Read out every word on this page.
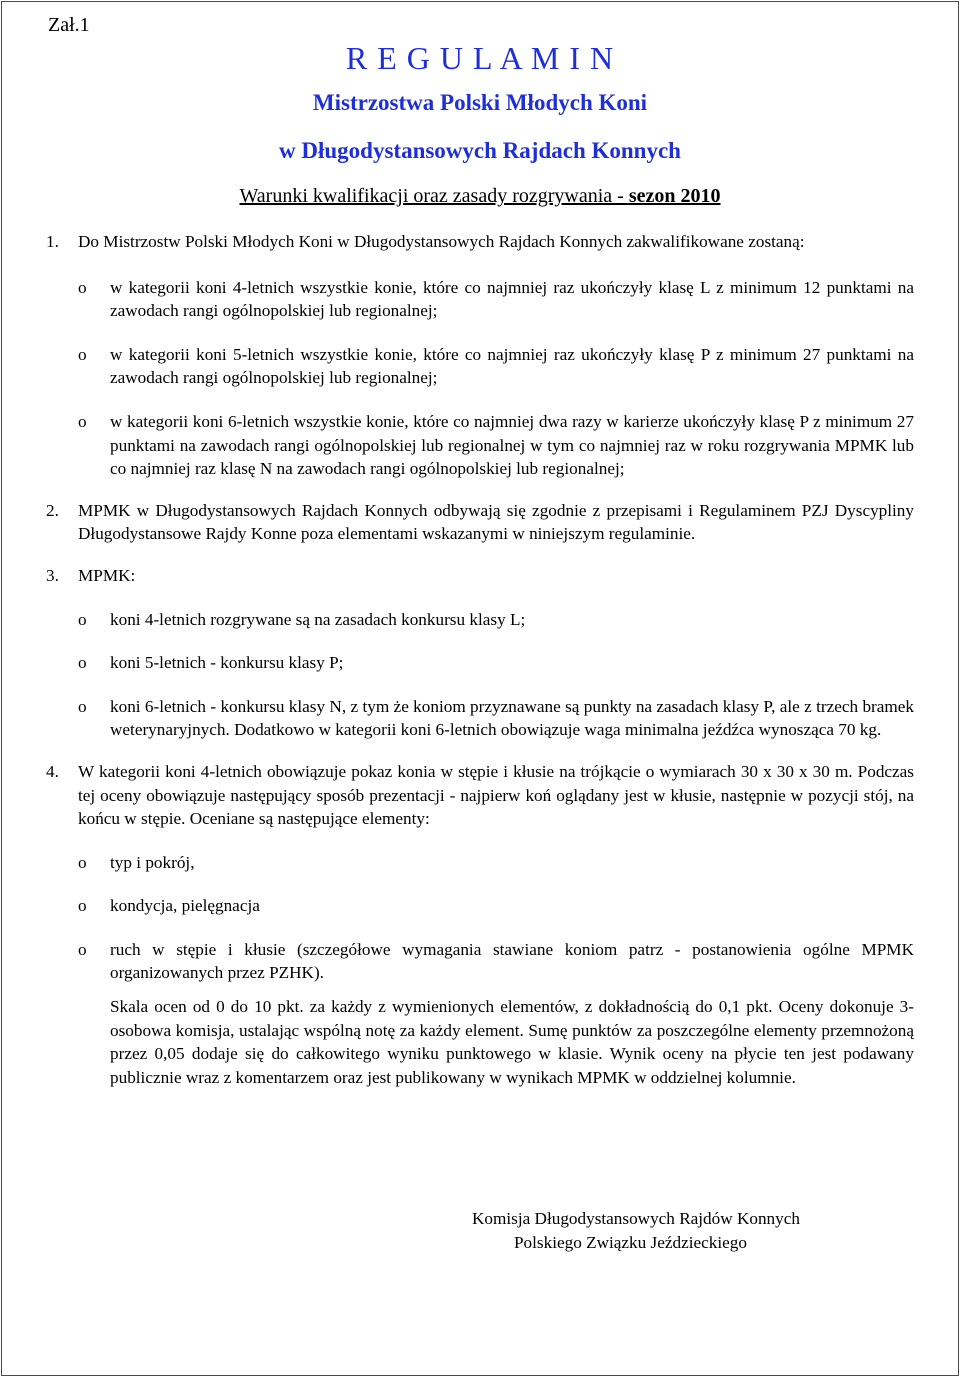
Zał.1
R E G U L A M I N
Mistrzostwa Polski Młodych Koni
w Długodystansowych Rajdach Konnych
Warunki kwalifikacji oraz zasady rozgrywania - sezon 2010
1. Do Mistrzostw Polski Młodych Koni w Długodystansowych Rajdach Konnych zakwalifikowane zostaną:
o w kategorii koni 4-letnich wszystkie konie, które co najmniej raz ukończyły klasę L z minimum 12 punktami na zawodach rangi ogólnopolskiej lub regionalnej;
o w kategorii koni 5-letnich wszystkie konie, które co najmniej raz ukończyły klasę P z minimum 27 punktami na zawodach rangi ogólnopolskiej lub regionalnej;
o w kategorii koni 6-letnich wszystkie konie, które co najmniej dwa razy w karierze ukończyły klasę P z minimum 27 punktami na zawodach rangi ogólnopolskiej lub regionalnej w tym co najmniej raz w roku rozgrywania MPMK lub co najmniej raz klasę N na zawodach rangi ogólnopolskiej lub regionalnej;
2. MPMK w Długodystansowych Rajdach Konnych odbywają się zgodnie z przepisami i Regulaminem PZJ Dyscypliny Długodystansowe Rajdy Konne poza elementami wskazanymi w niniejszym regulaminie.
3. MPMK:
o koni 4-letnich rozgrywane są na zasadach konkursu klasy L;
o koni 5-letnich - konkursu klasy P;
o koni 6-letnich - konkursu klasy N, z tym że koniom przyznawane są punkty na zasadach klasy P, ale z trzech bramek weterynaryjnych. Dodatkowo w kategorii koni 6-letnich obowiązuje waga minimalna jeźdźca wynosząca 70 kg.
4. W kategorii koni 4-letnich obowiązuje pokaz konia w stępie i kłusie na trójkącie o wymiarach 30 x 30 x 30 m. Podczas tej oceny obowiązuje następujący sposób prezentacji - najpierw koń oglądany jest w kłusie, następnie w pozycji stój, na końcu w stępie. Oceniane są następujące elementy:
o typ i pokrój,
o kondycja, pielęgnacja
o ruch w stępie i kłusie (szczegółowe wymagania stawiane koniom patrz - postanowienia ogólne MPMK organizowanych przez PZHK).
Skala ocen od 0 do 10 pkt. za każdy z wymienionych elementów, z dokładnością do 0,1 pkt. Oceny dokonuje 3-osobowa komisja, ustalając wspólną notę za każdy element. Sumę punktów za poszczególne elementy przemnożoną przez 0,05 dodaje się do całkowitego wyniku punktowego w klasie. Wynik oceny na płycie ten jest podawany publicznie wraz z komentarzem oraz jest publikowany w wynikach MPMK w oddzielnej kolumnie.
Komisja Długodystansowych Rajdów Konnych
Polskiego Związku Jeździeckiego
